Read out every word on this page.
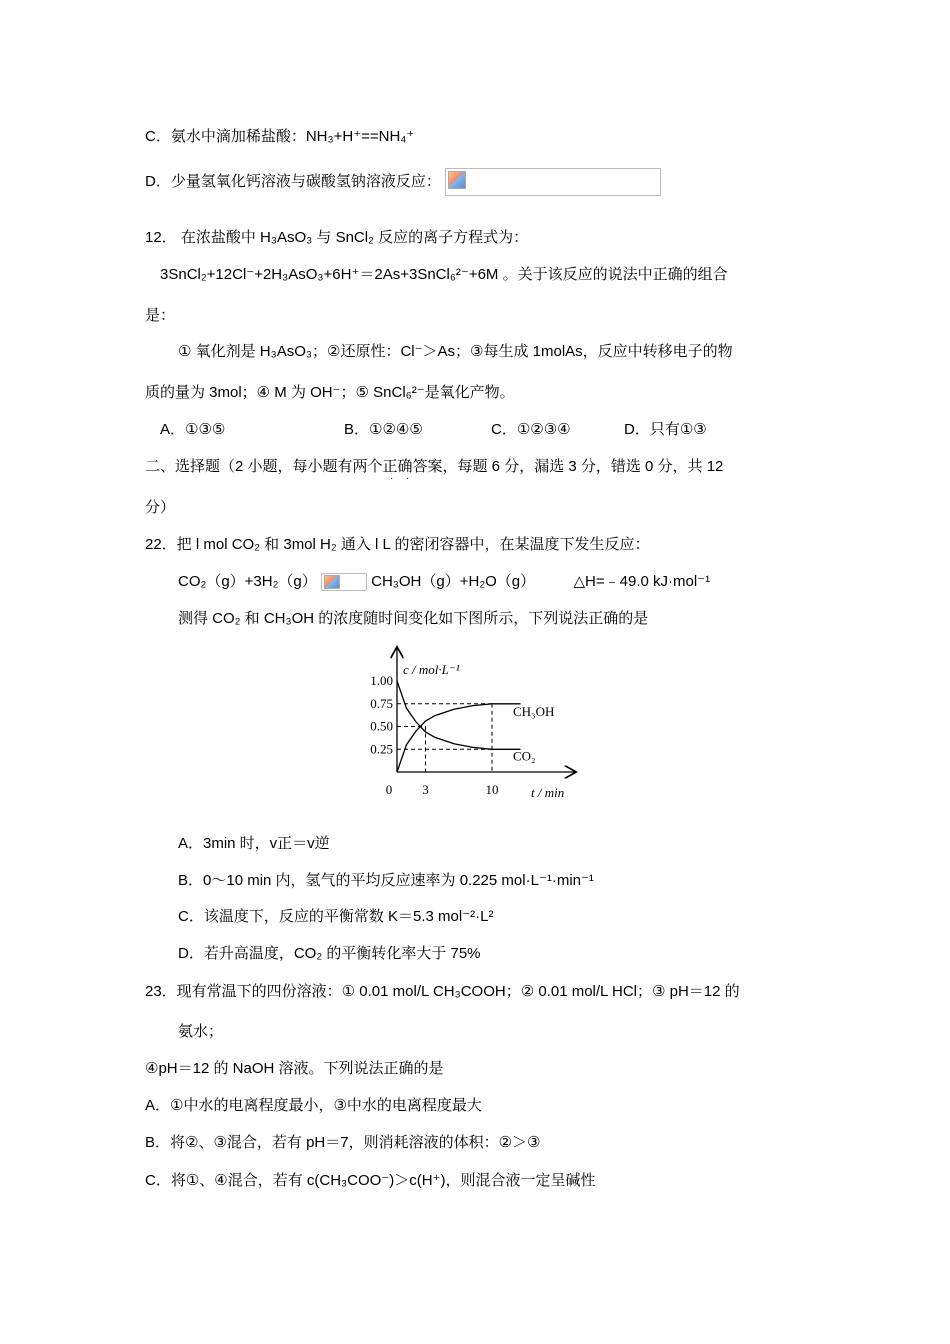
C．氨水中滴加稀盐酸：NH₃+H⁺==NH₄⁺
D．少量氢氧化钙溶液与碳酸氢钠溶液反应：
12． 在浓盐酸中 H₃AsO₃ 与 SnCl₂ 反应的离子方程式为：
3SnCl₂+12Cl⁻+2H₃AsO₃+6H⁺＝2As+3SnCl₆²⁻+6M 。关于该反应的说法中正确的组合
是：
① 氧化剂是 H₃AsO₃；②还原性：Cl⁻＞As；③每生成 1molAs，反应中转移电子的物
质的量为 3mol；④ M 为 OH⁻；⑤ SnCl₆²⁻是氧化产物。
A．①③⑤	B．①②④⑤	C．①②③④	D．只有①③
二、选择题（2 小题，每小题有两个正确答案，每题 6 分，漏选 3 分，错选 0 分，共 12
· ·
分）
22．把 l mol CO₂ 和 3mol H₂ 通入 l L 的密闭容器中，在某温度下发生反应：
CO₂（g）+3H₂（g）	CH₃OH（g）+H₂O（g）	△H=﹣49.0 kJ·mol⁻¹
测得 CO₂ 和 CH₃OH 的浓度随时间变化如下图所示，下列说法正确的是
c / mol·L⁻¹
t / min
1.00
0.75
0.50
0.25
0 3	10
CH₃OH
CO₂
A．3min 时，v正＝v逆
B．0～10 min 内，氢气的平均反应速率为 0.225 mol·L⁻¹·min⁻¹
C．该温度下，反应的平衡常数 K＝5.3 mol⁻²·L²
D．若升高温度，CO₂ 的平衡转化率大于 75%
23．现有常温下的四份溶液：① 0.01 mol/L CH₃COOH；② 0.01 mol/L HCl；③ pH＝12 的
氨水；
④pH＝12 的 NaOH 溶液。下列说法正确的是
A．①中水的电离程度最小，③中水的电离程度最大
B．将②、③混合，若有 pH＝7，则消耗溶液的体积：②＞③
C．将①、④混合，若有 c(CH₃COO⁻)＞c(H⁺)，则混合液一定呈碱性
